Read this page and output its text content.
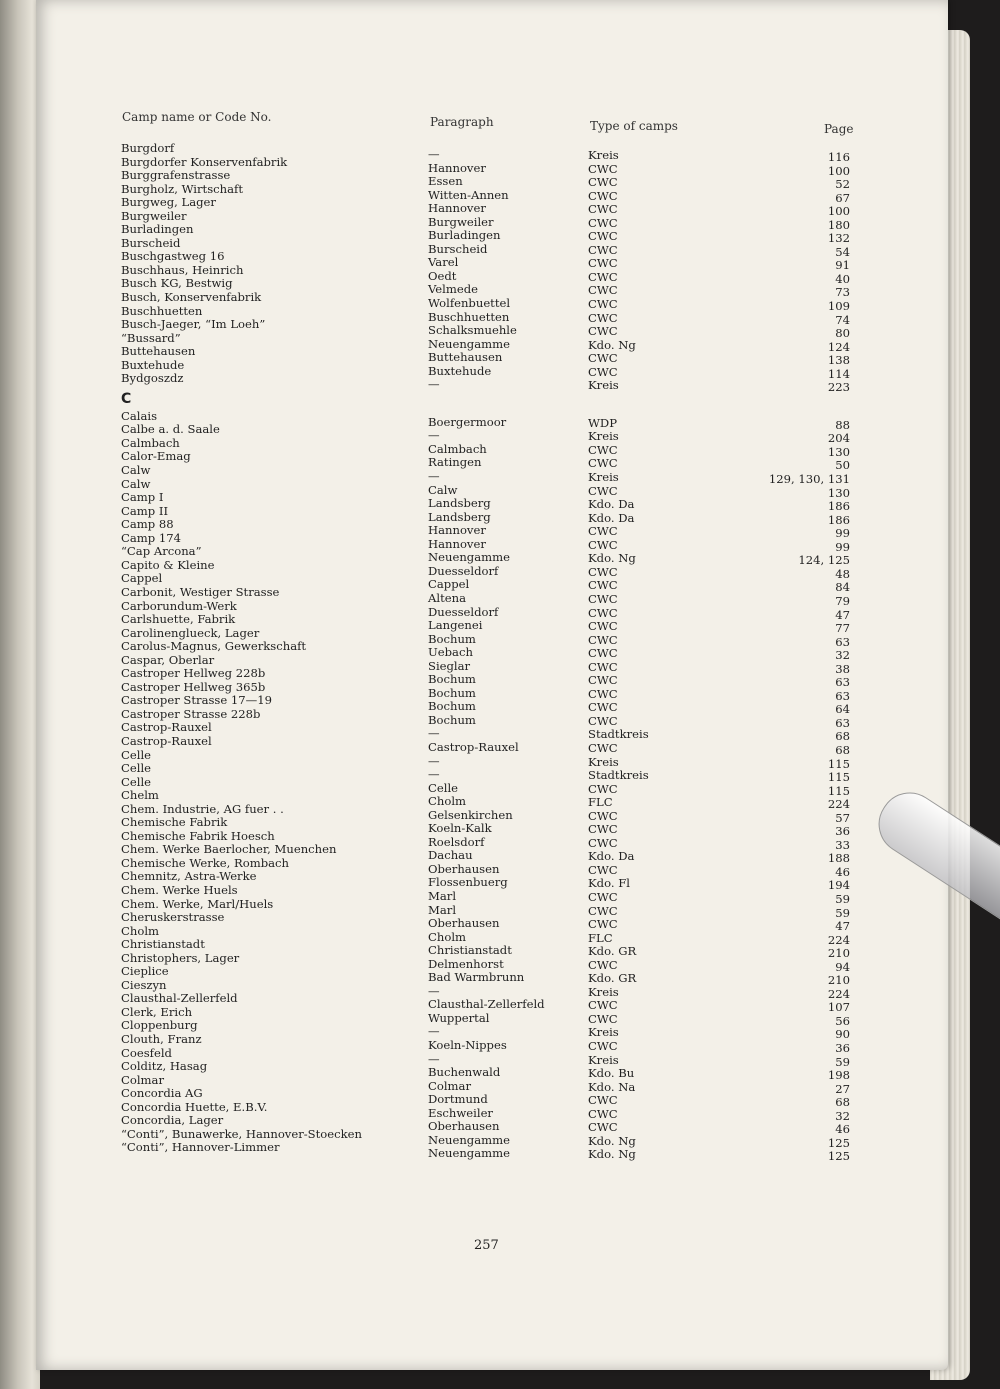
Camp name or Code No.	Paragraph	Type of camps	Page
Burgdorf	—	Kreis	116
Burgdorfer Konservenfabrik	Hannover	CWC	100
Burggrafenstrasse	Essen	CWC	52
Burgholz, Wirtschaft	Witten-Annen	CWC	67
Burgweg, Lager	Hannover	CWC	100
Burgweiler	Burgweiler	CWC	180
Burladingen	Burladingen	CWC	132
Burscheid	Burscheid	CWC	54
Buschgastweg 16	Varel	CWC	91
Buschhaus, Heinrich	Oedt	CWC	40
Busch KG, Bestwig	Velmede	CWC	73
Busch, Konservenfabrik	Wolfenbuettel	CWC	109
Buschhuetten	Buschhuetten	CWC	74
Busch-Jaeger, “Im Loeh”	Schalksmuehle	CWC	80
“Bussard”	Neuengamme	Kdo. Ng	124
Buttehausen	Buttehausen	CWC	138
Buxtehude	Buxtehude	CWC	114
Bydgoszdz	—	Kreis	223
C
Calais	Boergermoor	WDP	88
Calbe a. d. Saale	—	Kreis	204
Calmbach	Calmbach	CWC	130
Calor-Emag	Ratingen	CWC	50
Calw	—	Kreis	129, 130, 131
Calw	Calw	CWC	130
Camp I	Landsberg	Kdo. Da	186
Camp II	Landsberg	Kdo. Da	186
Camp 88	Hannover	CWC	99
Camp 174	Hannover	CWC	99
“Cap Arcona”	Neuengamme	Kdo. Ng	124, 125
Capito & Kleine	Duesseldorf	CWC	48
Cappel	Cappel	CWC	84
Carbonit, Westiger Strasse	Altena	CWC	79
Carborundum-Werk	Duesseldorf	CWC	47
Carlshuette, Fabrik	Langenei	CWC	77
Carolinenglueck, Lager	Bochum	CWC	63
Carolus-Magnus, Gewerkschaft	Uebach	CWC	32
Caspar, Oberlar	Sieglar	CWC	38
Castroper Hellweg 228b	Bochum	CWC	63
Castroper Hellweg 365b	Bochum	CWC	63
Castroper Strasse 17—19	Bochum	CWC	64
Castroper Strasse 228b	Bochum	CWC	63
Castrop-Rauxel	—	Stadtkreis	68
Castrop-Rauxel	Castrop-Rauxel	CWC	68
Celle	—	Kreis	115
Celle	—	Stadtkreis	115
Celle	Celle	CWC	115
Chelm	Cholm	FLC	224
Chem. Industrie, AG fuer . .	Gelsenkirchen	CWC	57
Chemische Fabrik	Koeln-Kalk	CWC	36
Chemische Fabrik Hoesch	Roelsdorf	CWC	33
Chem. Werke Baerlocher, Muenchen	Dachau	Kdo. Da	188
Chemische Werke, Rombach	Oberhausen	CWC	46
Chemnitz, Astra-Werke	Flossenbuerg	Kdo. Fl	194
Chem. Werke Huels	Marl	CWC	59
Chem. Werke, Marl/Huels	Marl	CWC	59
Cheruskerstrasse	Oberhausen	CWC	47
Cholm	Cholm	FLC	224
Christianstadt	Christianstadt	Kdo. GR	210
Christophers, Lager	Delmenhorst	CWC	94
Cieplice	Bad Warmbrunn	Kdo. GR	210
Cieszyn	—	Kreis	224
Clausthal-Zellerfeld	Clausthal-Zellerfeld	CWC	107
Clerk, Erich	Wuppertal	CWC	56
Cloppenburg	—	Kreis	90
Clouth, Franz	Koeln-Nippes	CWC	36
Coesfeld	—	Kreis	59
Colditz, Hasag	Buchenwald	Kdo. Bu	198
Colmar	Colmar	Kdo. Na	27
Concordia AG	Dortmund	CWC	68
Concordia Huette, E.B.V.	Eschweiler	CWC	32
Concordia, Lager	Oberhausen	CWC	46
“Conti”, Bunawerke, Hannover-Stoecken	Neuengamme	Kdo. Ng	125
“Conti”, Hannover-Limmer	Neuengamme	Kdo. Ng	125
257
